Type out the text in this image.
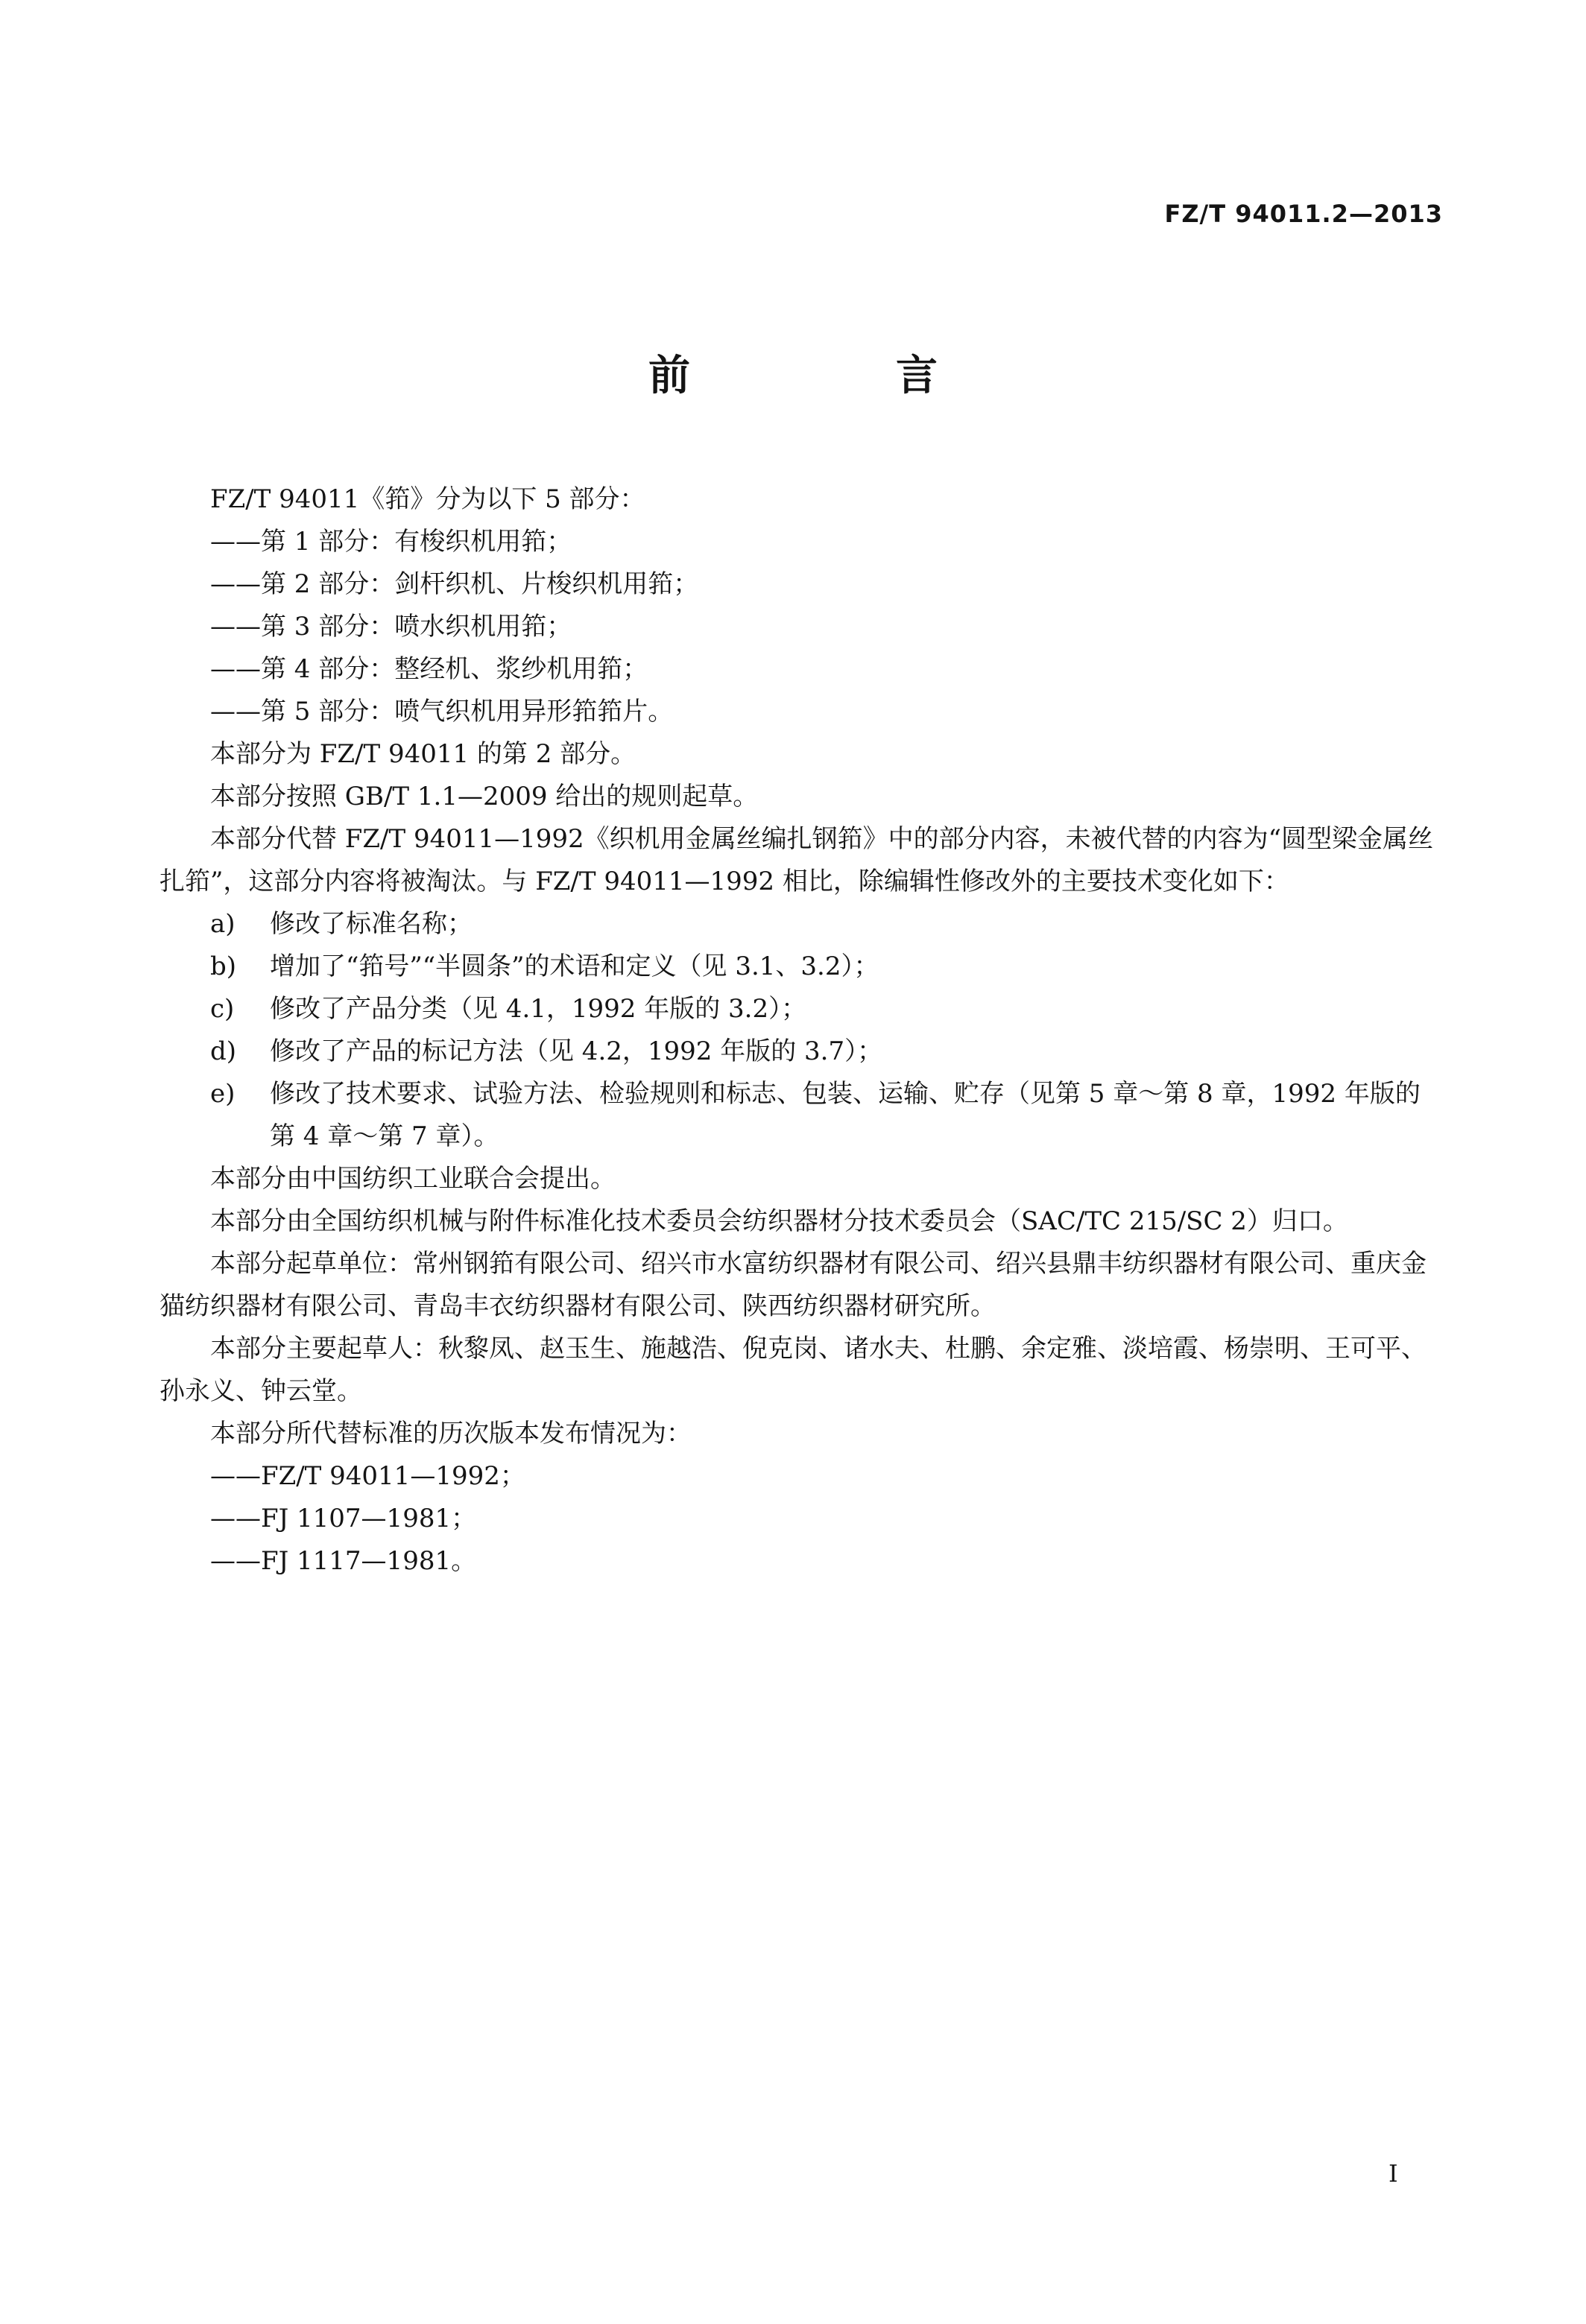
FZ/T 94011.2—2013
前　言

FZ/T 94011《筘》分为以下 5 部分：

——第 1 部分：有梭织机用筘；

——第 2 部分：剑杆织机、片梭织机用筘；

——第 3 部分：喷水织机用筘；

——第 4 部分：整经机、浆纱机用筘；

——第 5 部分：喷气织机用异形筘筘片。

本部分为 FZ/T 94011 的第 2 部分。

本部分按照 GB/T 1.1—2009 给出的规则起草。

本部分代替 FZ/T 94011—1992《织机用金属丝编扎钢筘》中的部分内容，未被代替的内容为“圆型梁金属丝扎筘”，这部分内容将被淘汰。与 FZ/T 94011—1992 相比，除编辑性修改外的主要技术变化如下：

a)	修改了标准名称；
b)	增加了“筘号”“半圆条”的术语和定义（见 3.1、3.2）；
c)	修改了产品分类（见 4.1，1992 年版的 3.2）；
d)	修改了产品的标记方法（见 4.2，1992 年版的 3.7）；
e)	修改了技术要求、试验方法、检验规则和标志、包装、运输、贮存（见第 5 章～第 8 章，1992 年版的第 4 章～第 7 章）。

本部分由中国纺织工业联合会提出。

本部分由全国纺织机械与附件标准化技术委员会纺织器材分技术委员会（SAC/TC 215/SC 2）归口。

本部分起草单位：常州钢筘有限公司、绍兴市水富纺织器材有限公司、绍兴县鼎丰纺织器材有限公司、重庆金猫纺织器材有限公司、青岛丰衣纺织器材有限公司、陕西纺织器材研究所。

本部分主要起草人：秋黎凤、赵玉生、施越浩、倪克岗、诸水夫、杜鹏、余定雅、淡培霞、杨崇明、王可平、孙永义、钟云堂。

本部分所代替标准的历次版本发布情况为：

——FZ/T 94011—1992；

——FJ 1107—1981；

——FJ 1117—1981。

I
